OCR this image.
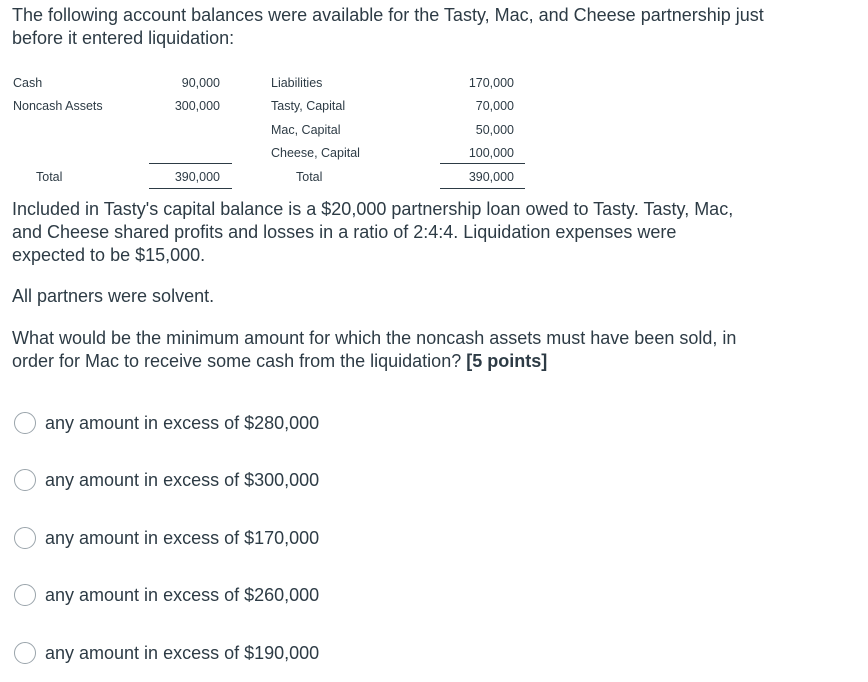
The following account balances were available for the Tasty, Mac, and Cheese partnership just before it entered liquidation:

Cash	90,000
Noncash Assets	300,000
Liabilities	170,000
Tasty, Capital	70,000
Mac, Capital	50,000
Cheese, Capital	100,000
Total	390,000	Total	390,000

Included in Tasty's capital balance is a $20,000 partnership loan owed to Tasty. Tasty, Mac, and Cheese shared profits and losses in a ratio of 2:4:4. Liquidation expenses were expected to be $15,000.

All partners were solvent.

What would be the minimum amount for which the noncash assets must have been sold, in order for Mac to receive some cash from the liquidation? [5 points]

any amount in excess of $280,000
any amount in excess of $300,000
any amount in excess of $170,000
any amount in excess of $260,000
any amount in excess of $190,000
